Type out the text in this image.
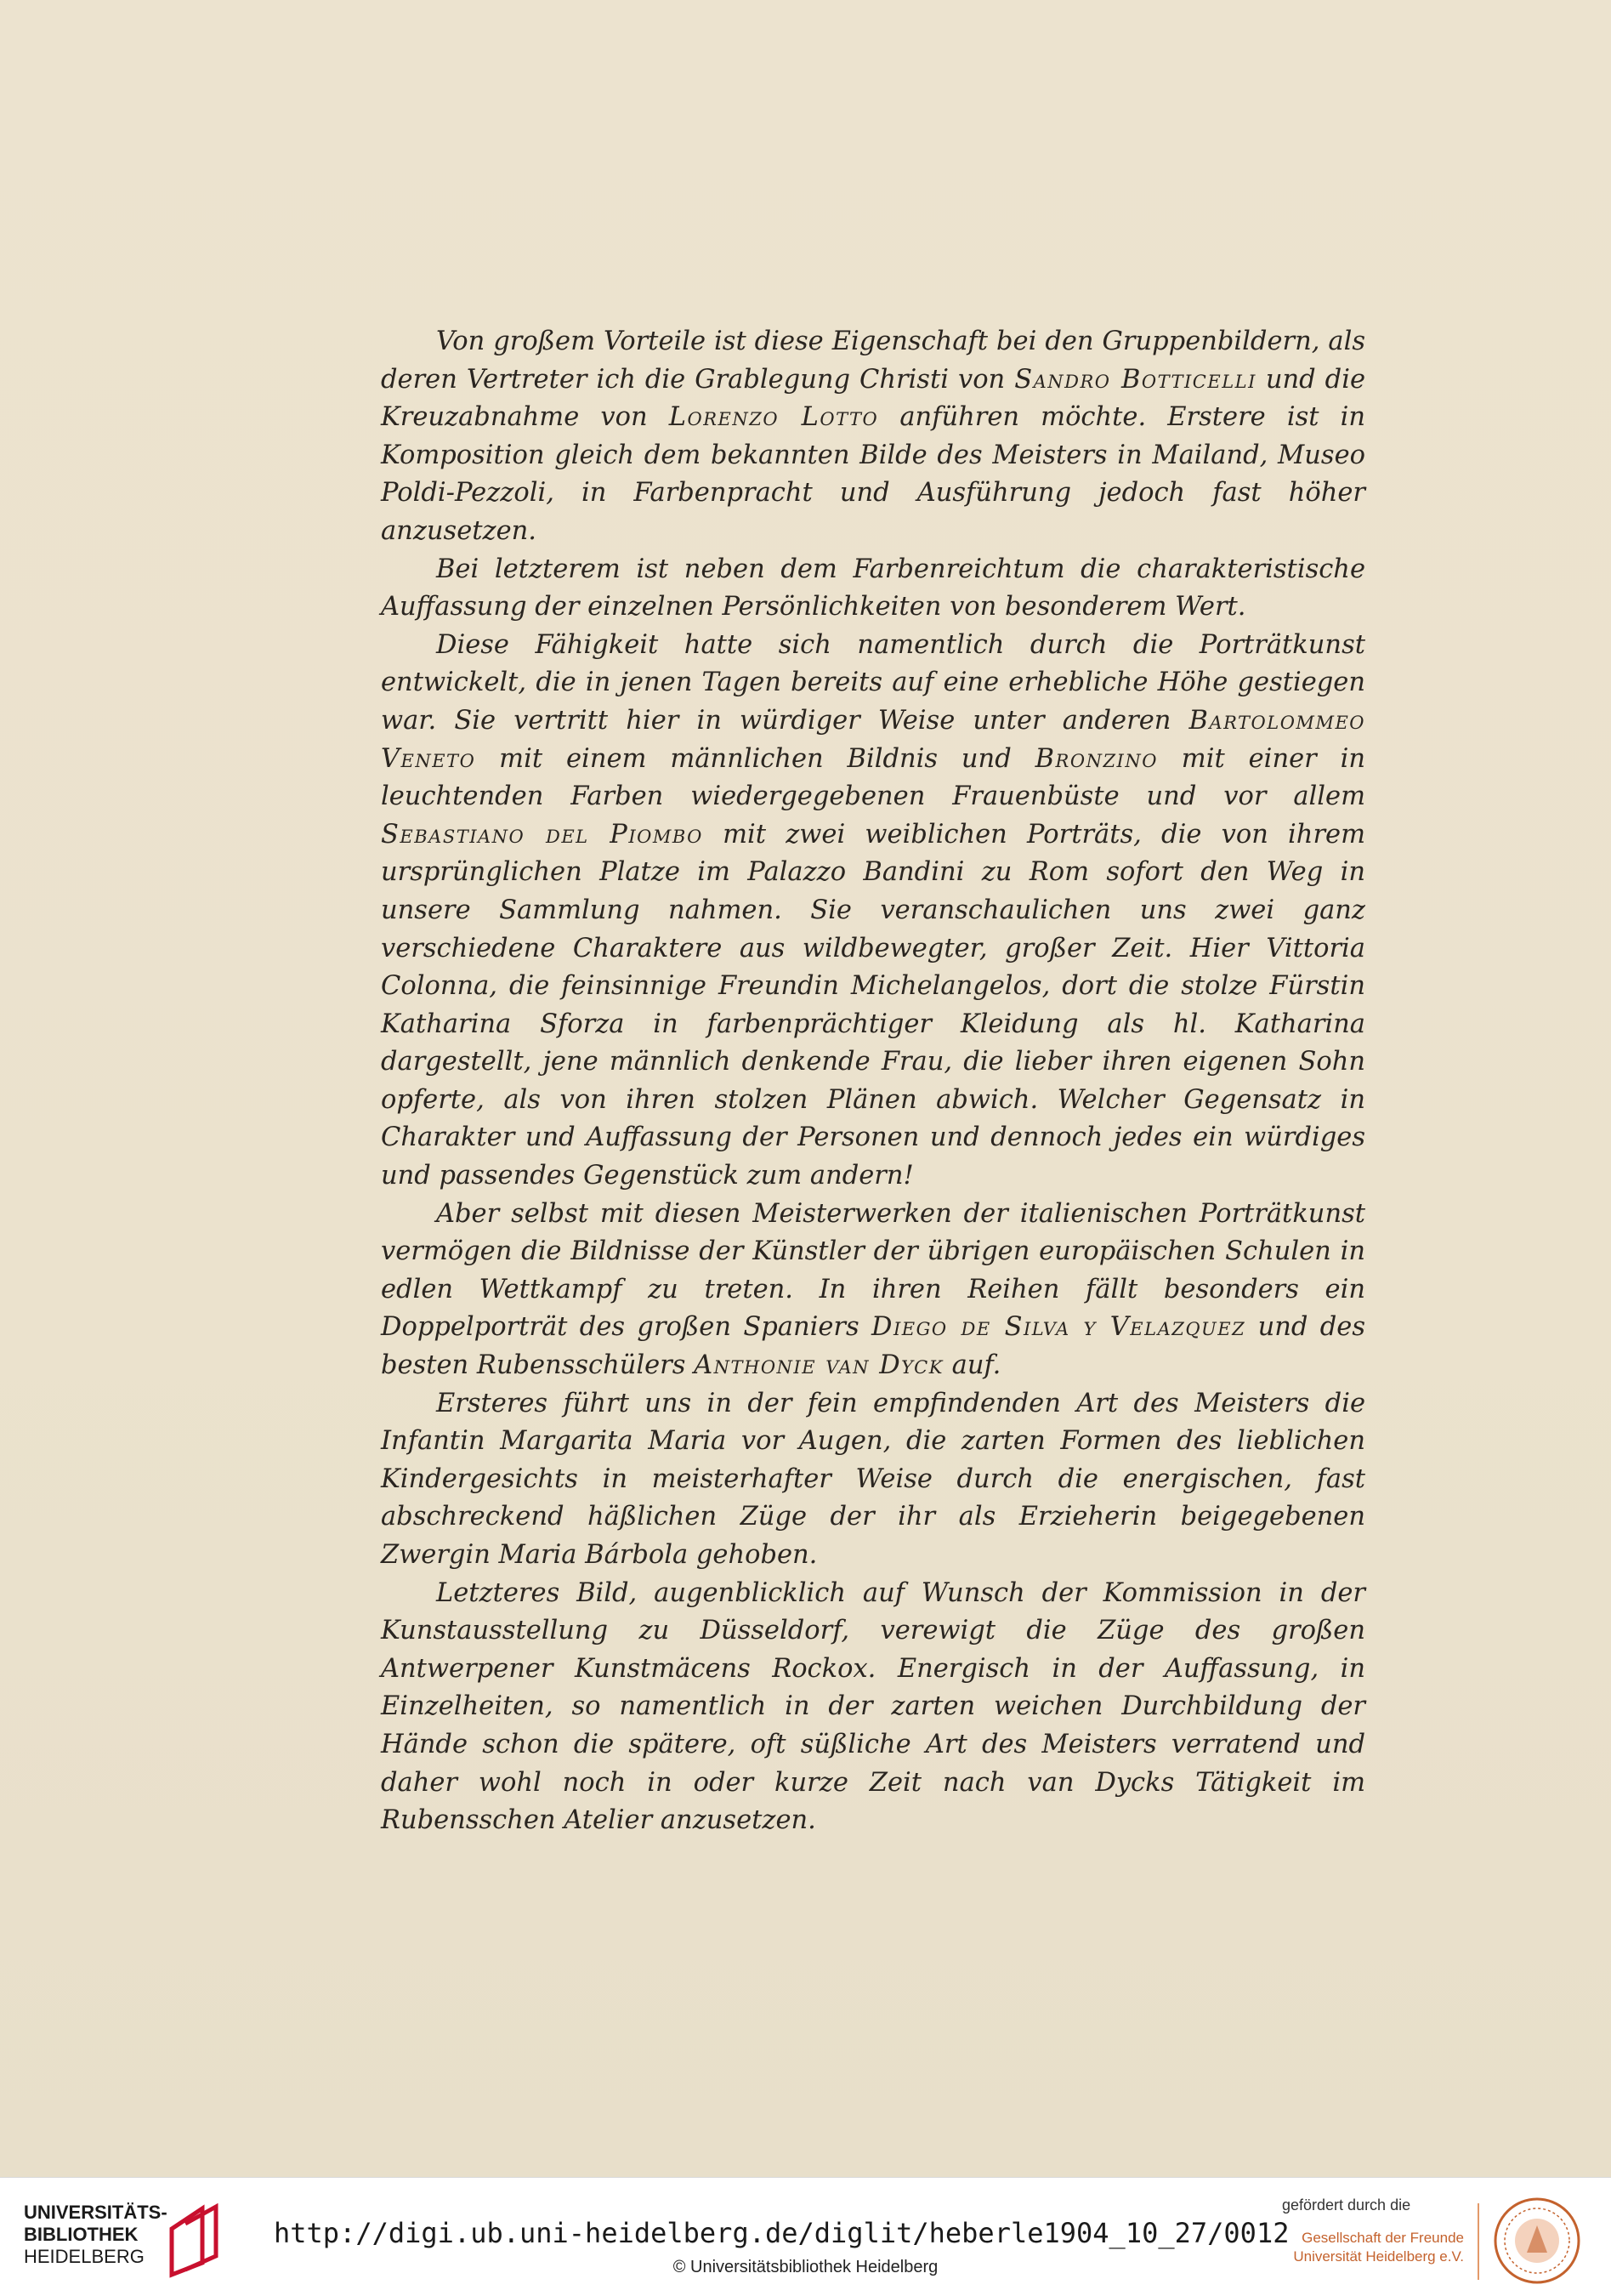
Von großem Vorteile ist diese Eigenschaft bei den Gruppenbildern, als deren Vertreter ich die Grablegung Christi von Sandro Botticelli und die Kreuzabnahme von Lorenzo Lotto anführen möchte. Erstere ist in Komposition gleich dem bekannten Bilde des Meisters in Mailand, Museo Poldi-Pezzoli, in Farbenpracht und Ausführung jedoch fast höher anzusetzen.

Bei letzterem ist neben dem Farbenreichtum die charakteristische Auffassung der einzelnen Persönlichkeiten von besonderem Wert.

Diese Fähigkeit hatte sich namentlich durch die Porträtkunst entwickelt, die in jenen Tagen bereits auf eine erhebliche Höhe gestiegen war. Sie vertritt hier in würdiger Weise unter anderen Bartolommeo Veneto mit einem männlichen Bildnis und Bronzino mit einer in leuchtenden Farben wiedergegebenen Frauenbüste und vor allem Sebastiano del Piombo mit zwei weiblichen Porträts, die von ihrem ursprünglichen Platze im Palazzo Bandini zu Rom sofort den Weg in unsere Sammlung nahmen. Sie veranschaulichen uns zwei ganz verschiedene Charaktere aus wildbewegter, großer Zeit. Hier Vittoria Colonna, die feinsinnige Freundin Michelangelos, dort die stolze Fürstin Katharina Sforza in farbenprächtiger Kleidung als hl. Katharina dargestellt, jene männlich denkende Frau, die lieber ihren eigenen Sohn opferte, als von ihren stolzen Plänen abwich. Welcher Gegensatz in Charakter und Auffassung der Personen und dennoch jedes ein würdiges und passendes Gegenstück zum andern!

Aber selbst mit diesen Meisterwerken der italienischen Porträtkunst vermögen die Bildnisse der Künstler der übrigen europäischen Schulen in edlen Wettkampf zu treten. In ihren Reihen fällt besonders ein Doppelporträt des großen Spaniers Diego de Silva y Velazquez und des besten Rubensschülers Anthonie van Dyck auf.

Ersteres führt uns in der fein empfindenden Art des Meisters die Infantin Margarita Maria vor Augen, die zarten Formen des lieblichen Kindergesichts in meisterhafter Weise durch die energischen, fast abschreckend häßlichen Züge der ihr als Erzieherin beigegebenen Zwergin Maria Bárbola gehoben.

Letzteres Bild, augenblicklich auf Wunsch der Kommission in der Kunstausstellung zu Düsseldorf, verewigt die Züge des großen Antwerpener Kunstmäcens Rockox. Energisch in der Auffassung, in Einzelheiten, so namentlich in der zarten weichen Durchbildung der Hände schon die spätere, oft süßliche Art des Meisters verratend und daher wohl noch in oder kurze Zeit nach van Dycks Tätigkeit im Rubensschen Atelier anzusetzen.

UNIVERSITÄTS-
BIBLIOTHEK
HEIDELBERG
http://digi.ub.uni-heidelberg.de/diglit/heberle1904_10_27/0012
© Universitätsbibliothek Heidelberg
gefördert durch die
Gesellschaft der Freunde
Universität Heidelberg e.V.
